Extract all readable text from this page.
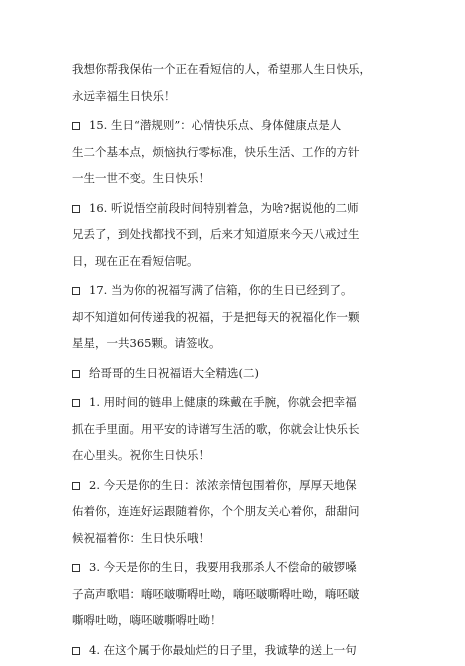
我想你帮我保佑一个正在看短信的人，希望那人生日快乐，
永远幸福生日快乐！
15. 生日“潜规则”：心情快乐点、身体健康点是人
生二个基本点，烦恼执行零标准，快乐生活、工作的方针
一生一世不变。生日快乐！
16. 听说悟空前段时间特别着急，为啥?据说他的二师
兄丢了，到处找都找不到，后来才知道原来今天八戒过生
日，现在正在看短信呢。
17. 当为你的祝福写满了信箱，你的生日已经到了。
却不知道如何传递我的祝福，于是把每天的祝福化作一颗
星星，一共365颗。请签收。
给哥哥的生日祝福语大全精选(二)
1. 用时间的链串上健康的珠戴在手腕，你就会把幸福
抓在手里面。用平安的诗谱写生活的歌，你就会让快乐长
在心里头。祝你生日快乐！
2. 今天是你的生日：浓浓亲情包围着你，厚厚天地保
佑着你，连连好运跟随着你，个个朋友关心着你，甜甜问
候祝福着你：生日快乐哦！
3. 今天是你的生日，我要用我那杀人不偿命的破锣嗓
子高声歌唱：嗨呸啵嘶嘚吐呦，嗨呸啵嘶嘚吐呦，嗨呸啵
嘶嘚吐呦，嗨呸啵嘶嘚吐呦！
4. 在这个属于你最灿烂的日子里，我诚挚的送上一句
